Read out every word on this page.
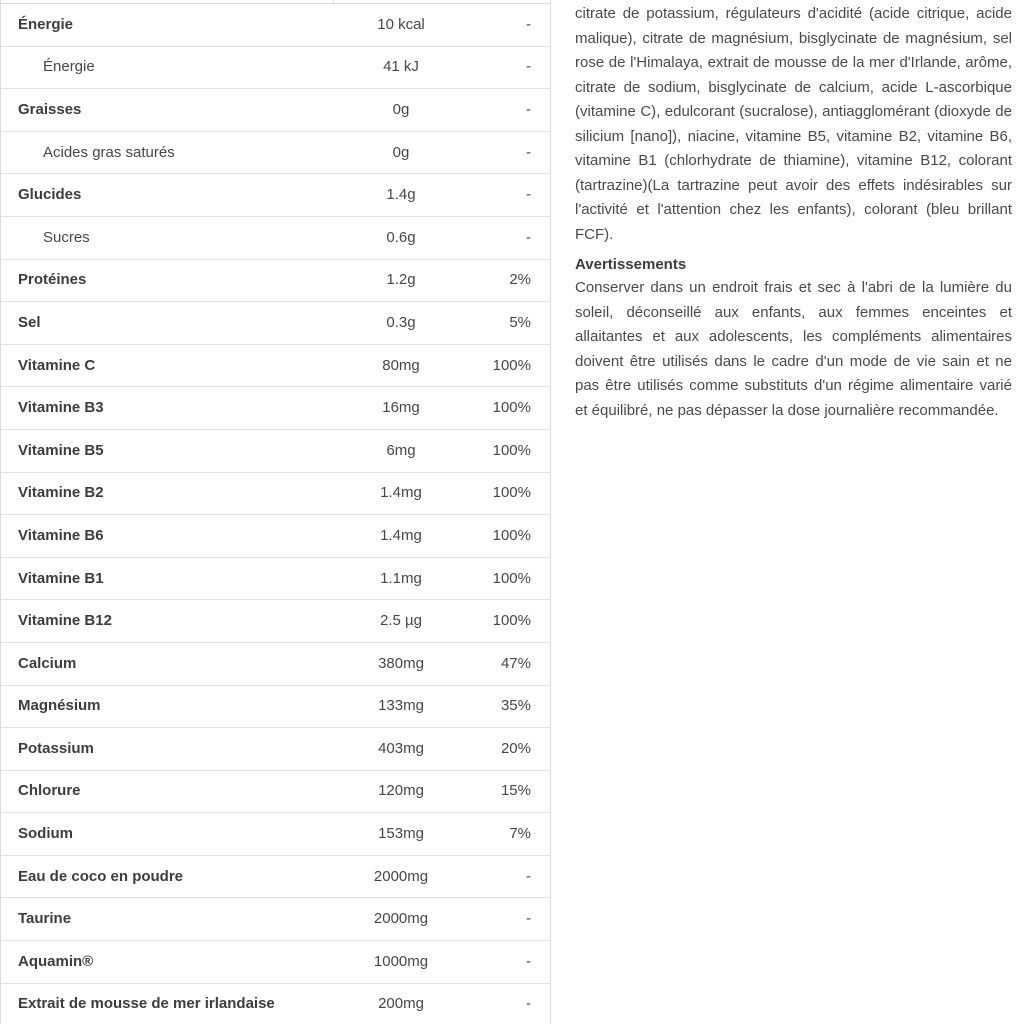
Énergie	10 kcal	-
Énergie	41 kJ	-
Graisses	0g	-
Acides gras saturés	0g	-
Glucides	1.4g	-
Sucres	0.6g	-
Protéines	1.2g	2%
Sel	0.3g	5%
Vitamine C	80mg	100%
Vitamine B3	16mg	100%
Vitamine B5	6mg	100%
Vitamine B2	1.4mg	100%
Vitamine B6	1.4mg	100%
Vitamine B1	1.1mg	100%
Vitamine B12	2.5 µg	100%
Calcium	380mg	47%
Magnésium	133mg	35%
Potassium	403mg	20%
Chlorure	120mg	15%
Sodium	153mg	7%
Eau de coco en poudre	2000mg	-
Taurine	2000mg	-
Aquamin®	1000mg	-
Extrait de mousse de mer irlandaise	200mg	-

citrate de potassium, régulateurs d'acidité (acide citrique, acide malique), citrate de magnésium, bisglycinate de magnésium, sel rose de l'Himalaya, extrait de mousse de la mer d'Irlande, arôme, citrate de sodium, bisglycinate de calcium, acide L-ascorbique (vitamine C), edulcorant (sucralose), antiagglomérant (dioxyde de silicium [nano]), niacine, vitamine B5, vitamine B2, vitamine B6, vitamine B1 (chlorhydrate de thiamine), vitamine B12, colorant (tartrazine)(La tartrazine peut avoir des effets indésirables sur l'activité et l'attention chez les enfants), colorant (bleu brillant FCF).

Avertissements

Conserver dans un endroit frais et sec à l'abri de la lumière du soleil, déconseillé aux enfants, aux femmes enceintes et allaitantes et aux adolescents, les compléments alimentaires doivent être utilisés dans le cadre d'un mode de vie sain et ne pas être utilisés comme substituts d'un régime alimentaire varié et équilibré, ne pas dépasser la dose journalière recommandée.
